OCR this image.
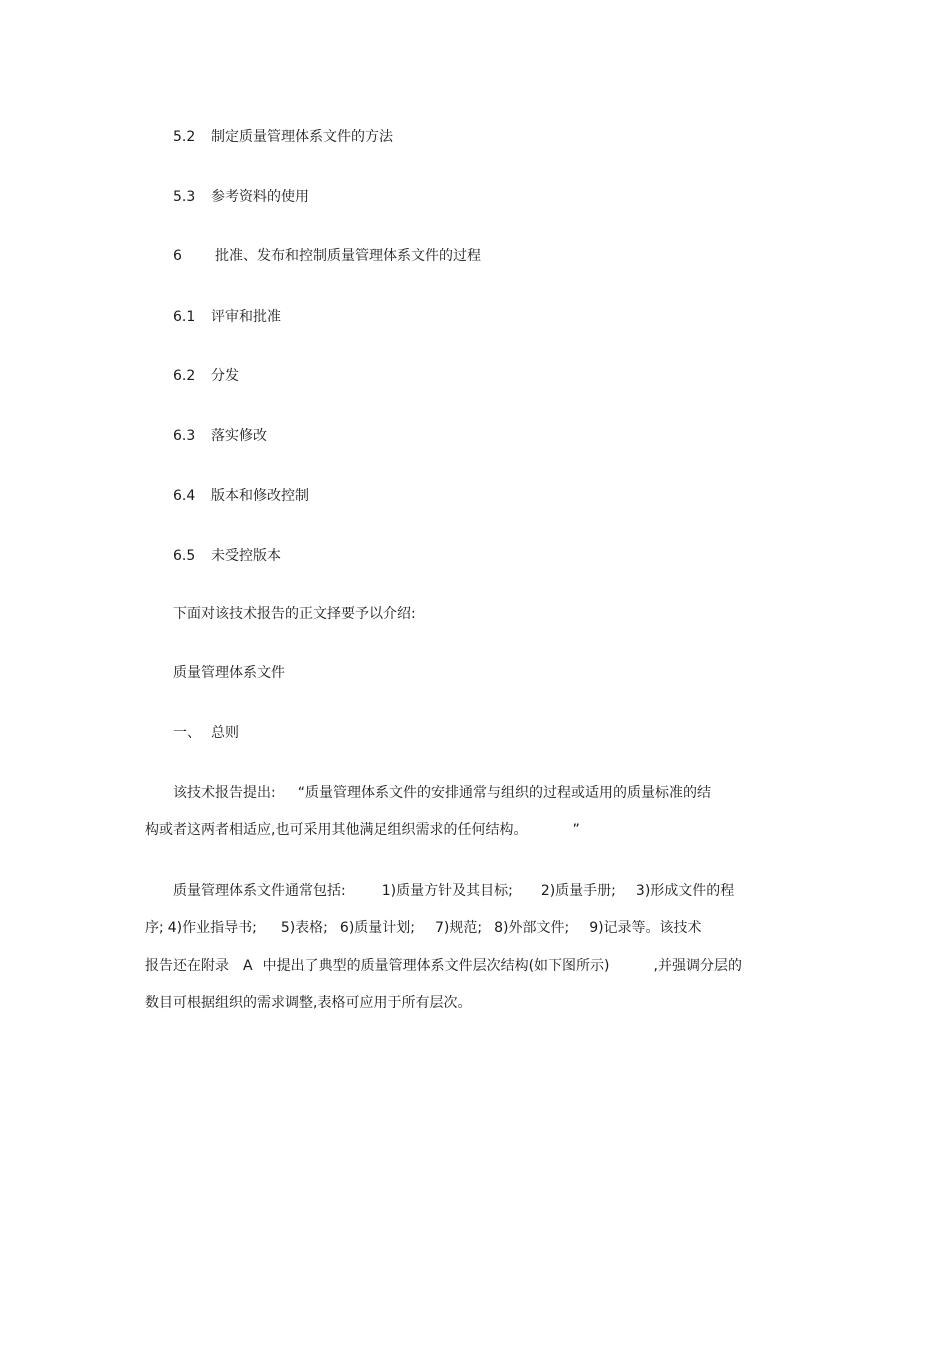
5.2 制定质量管理体系文件的方法
5.3 参考资料的使用
6 批准、发布和控制质量管理体系文件的过程
6.1 评审和批准
6.2 分发
6.3 落实修改
6.4 版本和修改控制
6.5 未受控版本
下面对该技术报告的正文择要予以介绍:
质量管理体系文件
一、 总则
该技术报告提出: “质量管理体系文件的安排通常与组织的过程或适用的质量标准的结
构或者这两者相适应,也可采用其他满足组织需求的任何结构。	”
质量管理体系文件通常包括:	1)质量方针及其目标; 2)质量手册; 3)形成文件的程
序; 4)作业指导书; 5)表格; 6)质量计划; 7)规范; 8)外部文件; 9)记录等。该技术
报告还在附录 A 中提出了典型的质量管理体系文件层次结构(如下图所示)	,并强调分层的
数目可根据组织的需求调整,表格可应用于所有层次。
